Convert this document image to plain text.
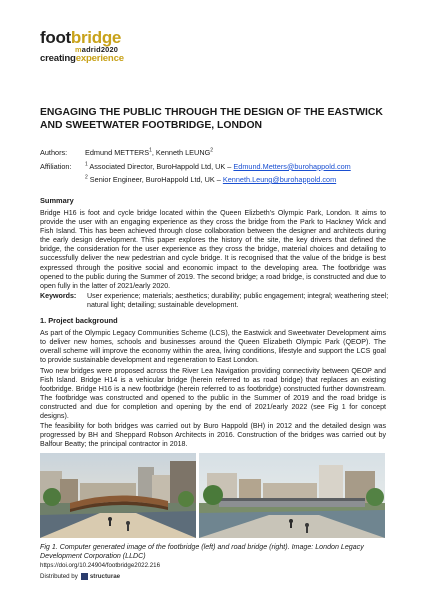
footbridge
madrid2020
creatingexperience
ENGAGING THE PUBLIC THROUGH THE DESIGN OF THE EASTWICK AND SWEETWATER FOOTBRIDGE, LONDON
Authors:	Edmund METTERS$^1$, Kenneth LEUNG$^2$
Affiliation:	$^1$ Associated Director, BuroHappold Ltd, UK – Edmund.Metters@burohappold.com
$^2$ Senior Engineer, BuroHappold Ltd, UK – Kenneth.Leung@burohappold.com
Summary
Bridge H16 is foot and cycle bridge located within the Queen Elizbeth’s Olympic Park, London. It aims to provide the user with an engaging experience as they cross the bridge from the Park to Hackney Wick and Fish Island. This has been achieved through close collaboration between the designer and architects during the early design development. This paper explores the history of the site, the key drivers that defined the bridge, the consideration for the user experience as they cross the bridge, material choices and detailing to successfully deliver the new pedestrian and cycle bridge. It is recognised that the value of the bridge is best expressed through the positive social and economic impact to the developing area. The footbridge was opened to the public during the Summer of 2019. The second bridge; a road bridge, is constructed and due to open fully in the latter of 2021/early 2020.
Keywords:	User experience; materials; aesthetics; durability; public engagement; integral; weathering steel; natural light; detailing; sustainable development.
1. Project background
As part of the Olympic Legacy Communities Scheme (LCS), the Eastwick and Sweetwater Development aims to deliver new homes, schools and businesses around the Queen Elizabeth Olympic Park (QEOP). The overall scheme will improve the economy within the area, living conditions, lifestyle and support the LCS goal to provide sustainable development and regeneration to East London.
Two new bridges were proposed across the River Lea Navigation providing connectivity between QEOP and Fish Island. Bridge H14 is a vehicular bridge (herein referred to as road bridge) that replaces an existing footbridge. Bridge H16 is a new footbridge (herein referred to as footbridge) constructed further downstream. The footbridge was constructed and opened to the public in the Summer of 2019 and the road bridge is constructed and due for completion and opening by the end of 2021/early 2022 (see Fig 1 for concept designs).
The feasibility for both bridges was carried out by Buro Happold (BH) in 2012 and the detailed design was progressed by BH and Sheppard Robson Architects in 2016. Construction of the bridges was carried out by Balfour Beatty; the principal contractor in 2018.
Fig 1. Computer generated image of the footbridge (left) and road bridge (right). Image: London Legacy Development Corporation (LLDC)
https://doi.org/10.24904/footbridge2022.216
Distributed by structurae
